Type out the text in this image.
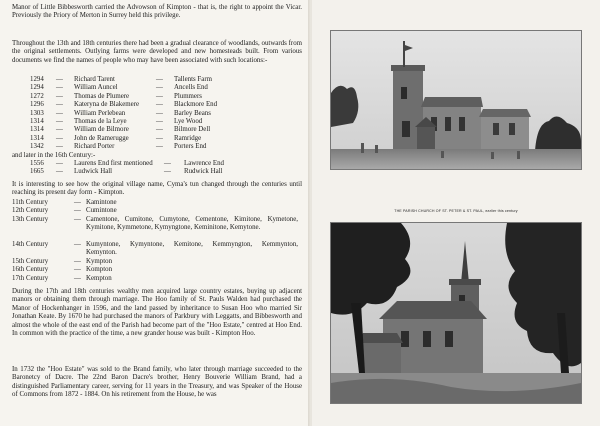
Manor of Little Bibbesworth carried the Advowson of Kimpton - that is, the right to appoint the Vicar. Previously the Priory of Merton in Surrey held this privilege.

Throughout the 13th and 18th centuries there had been a gradual clearance of woodlands, outwards from the original settlements. Outlying farms were developed and new homesteads built. From various documents we find the names of people who may have been associated with such locations:-

1294 — Richard Tarent	— Tallents Farm
1294 — William Auncel	— Ancells End
1272 — Thomas de Plumere	— Plummers
1296 — Kateryna de Blakemere — Blackmore End
1303 — William Perlebean	— Barley Beans
1314 — Thomas de la Leye	— Lye Wood
1314 — William de Bilmore	— Bilmore Dell
1314 — John de Ramerugge	— Ramridge
1342 — Richard Porter	— Porters End
and later in the 16th Century:-
1556 — Laurens End first mentioned — Lawrence End
1665 — Ludwick Hall	— Rudwick Hall

It is interesting to see how the original village name, Cyma's tun changed through the centuries until reaching its present day form - Kimpton.

11th Century	— Kamintone
12th Century	— Cumintone
13th Century	— Camentone, Cumitone, Cumytone, Cementone, Kimitone, Kymetone, Kymitone, Kymmetone, Kymyngtone, Keminitone, Kemytone.
14th Century	— Kumyntone, Kymyntone, Kemitone, Kemmyngton, Kemmynton, Kemynton.
15th Century	— Kympton
16th Century	— Kompton
17th Century	— Kempton

During the 17th and 18th centuries wealthy men acquired large country estates, buying up adjacent manors or obtaining them through marriage. The Hoo family of St. Pauls Walden had purchased the Manor of Hockenhanger in 1596, and the land passed by inheritance to Susan Hoo who married Sir Jonathan Keate. By 1670 he had purchased the manors of Parkbury with Leggatts, and Bibbesworth and almost the whole of the east end of the Parish had become part of the "Hoo Estate," centred at Hoo End. In common with the practice of the time, a new grander house was built - Kimpton Hoo.

In 1732 the "Hoo Estate" was sold to the Brand family, who later through marriage succeeded to the Baronetcy of Dacre. The 22nd Baron Dacre's brother, Henry Bouverie William Brand, had a distinguished Parliamentary career, serving for 11 years in the Treasury, and was Speaker of the House of Commons from 1872 - 1884. On his retirement from the House, he was

THE PARISH CHURCH OF ST. PETER & ST. PAUL, earlier this century
